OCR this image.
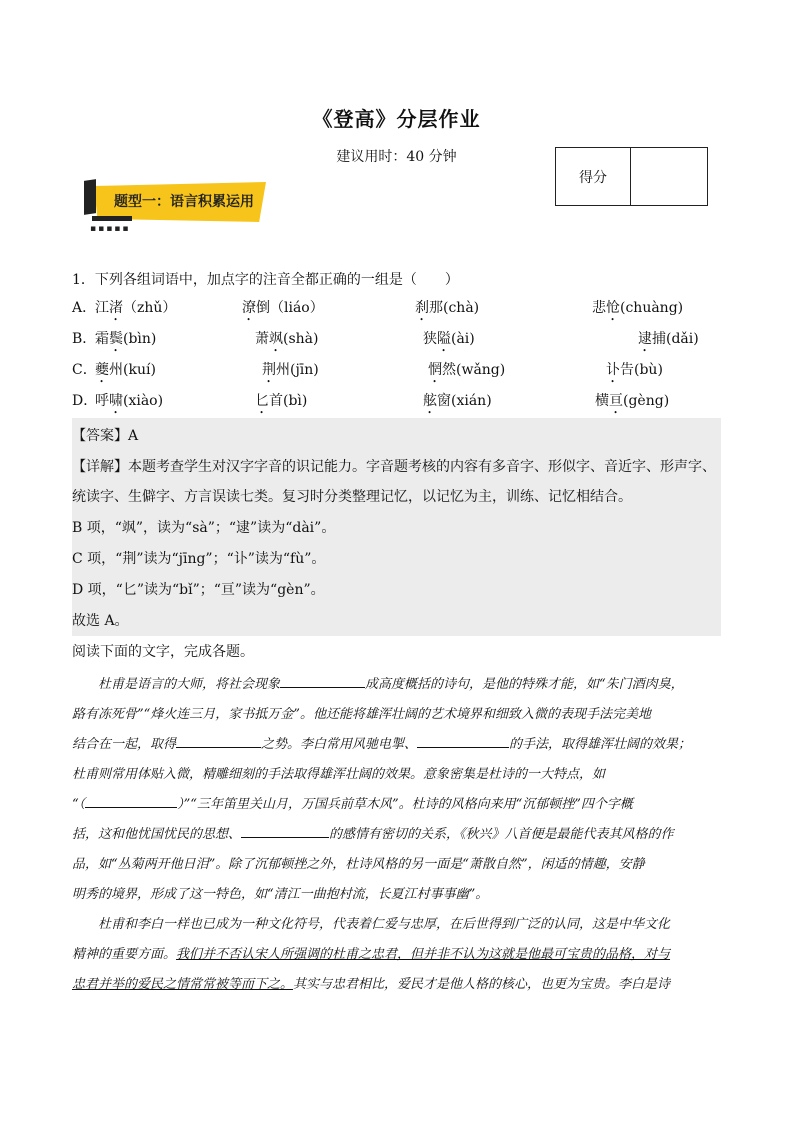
《登高》分层作业
建议用时：40 分钟
得分
▪▪▪▪▪
题型一：语言积累运用
1．下列各组词语中，加点字的注音全都正确的一组是（　　）
A．
江渚（zhǔ）	潦倒（liáo）	刹那(chà)	悲怆(chuàng)
B．
霜鬓(bìn)	萧飒(shà)	狭隘(ài)	逮捕(dǎi)
C．
夔州(kuí)	荆州(jīn)	惘然(wǎng)	讣告(bù)
D．
呼啸(xiào)	匕首(bì)	舷窗(xián)	横亘(gèng)
【答案】A
【详解】本题考查学生对汉字字音的识记能力。字音题考核的内容有多音字、形似字、音近字、形声字、
统读字、生僻字、方言误读七类。复习时分类整理记忆，以记忆为主，训练、记忆相结合。
B 项，“飒”，读为“sà”；“逮”读为“dài”。
C 项，“荆”读为“jīng”；“讣”读为“fù”。
D 项，“匕”读为“bǐ”；“亘”读为“gèn”。
故选 A。
阅读下面的文字，完成各题。
杜甫是语言的大师，将社会现象	成高度概括的诗句，是他的特殊才能，如“朱门酒肉臭，
路有冻死骨”“烽火连三月，家书抵万金”。他还能将雄浑壮阔的艺术境界和细致入微的表现手法完美地
结合在一起，取得	之势。李白常用风驰电掣、	的手法，取得雄浑壮阔的效果；
杜甫则常用体贴入微，精雕细刻的手法取得雄浑壮阔的效果。意象密集是杜诗的一大特点，如
“（	）”“三年笛里关山月，万国兵前草木风”。杜诗的风格向来用“沉郁顿挫”四个字概
括，这和他忧国忧民的思想、	的感情有密切的关系，《秋兴》八首便是最能代表其风格的作
品，如“丛菊两开他日泪”。除了沉郁顿挫之外，杜诗风格的另一面是“萧散自然”，闲适的情趣，安静
明秀的境界，形成了这一特色，如“清江一曲抱村流，长夏江村事事幽”。
杜甫和李白一样也已成为一种文化符号，代表着仁爱与忠厚，在后世得到广泛的认同，这是中华文化
精神的重要方面。我们并不否认宋人所强调的杜甫之忠君，但并非不认为这就是他最可宝贵的品格，对与
忠君并举的爱民之情常常被等而下之。其实与忠君相比，爱民才是他人格的核心，也更为宝贵。李白是诗
